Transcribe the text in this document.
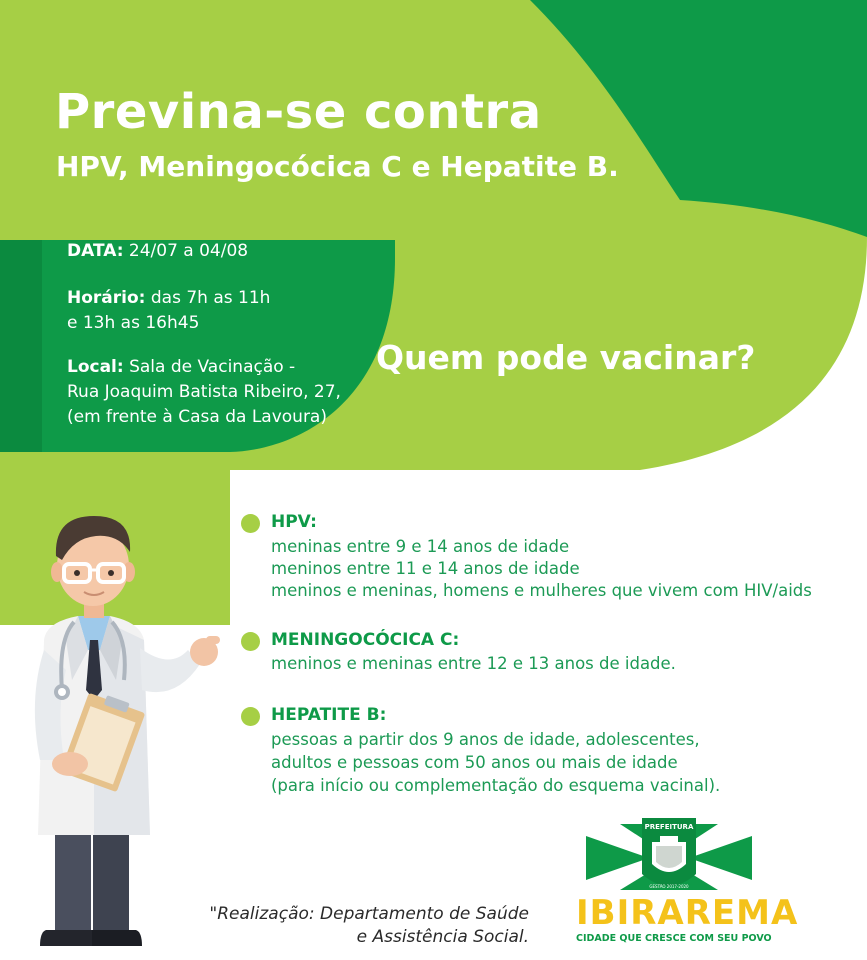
Previna-se contra
HPV, Meningocócica C e Hepatite B.
DATA: 24/07 a 04/08
Horário: das 7h as 11h
e 13h as 16h45
Local: Sala de Vacinação -
Rua Joaquim Batista Ribeiro, 27,
(em frente à Casa da Lavoura)
Quem pode vacinar?
HPV:
meninas entre 9 e 14 anos de idade
meninos entre 11 e 14 anos de idade
meninos e meninas, homens e mulheres que vivem com HIV/aids
MENINGOCÓCICA C:
meninos e meninas entre 12 e 13 anos de idade.
HEPATITE B:
pessoas a partir dos 9 anos de idade, adolescentes,
adultos e pessoas com 50 anos ou mais de idade
(para início ou complementação do esquema vacinal).
"Realização: Departamento de Saúde
e Assistência Social.
PREFEITURA
GESTÃO 2017-2020
IBIRAREMA
CIDADE QUE CRESCE COM SEU POVO
